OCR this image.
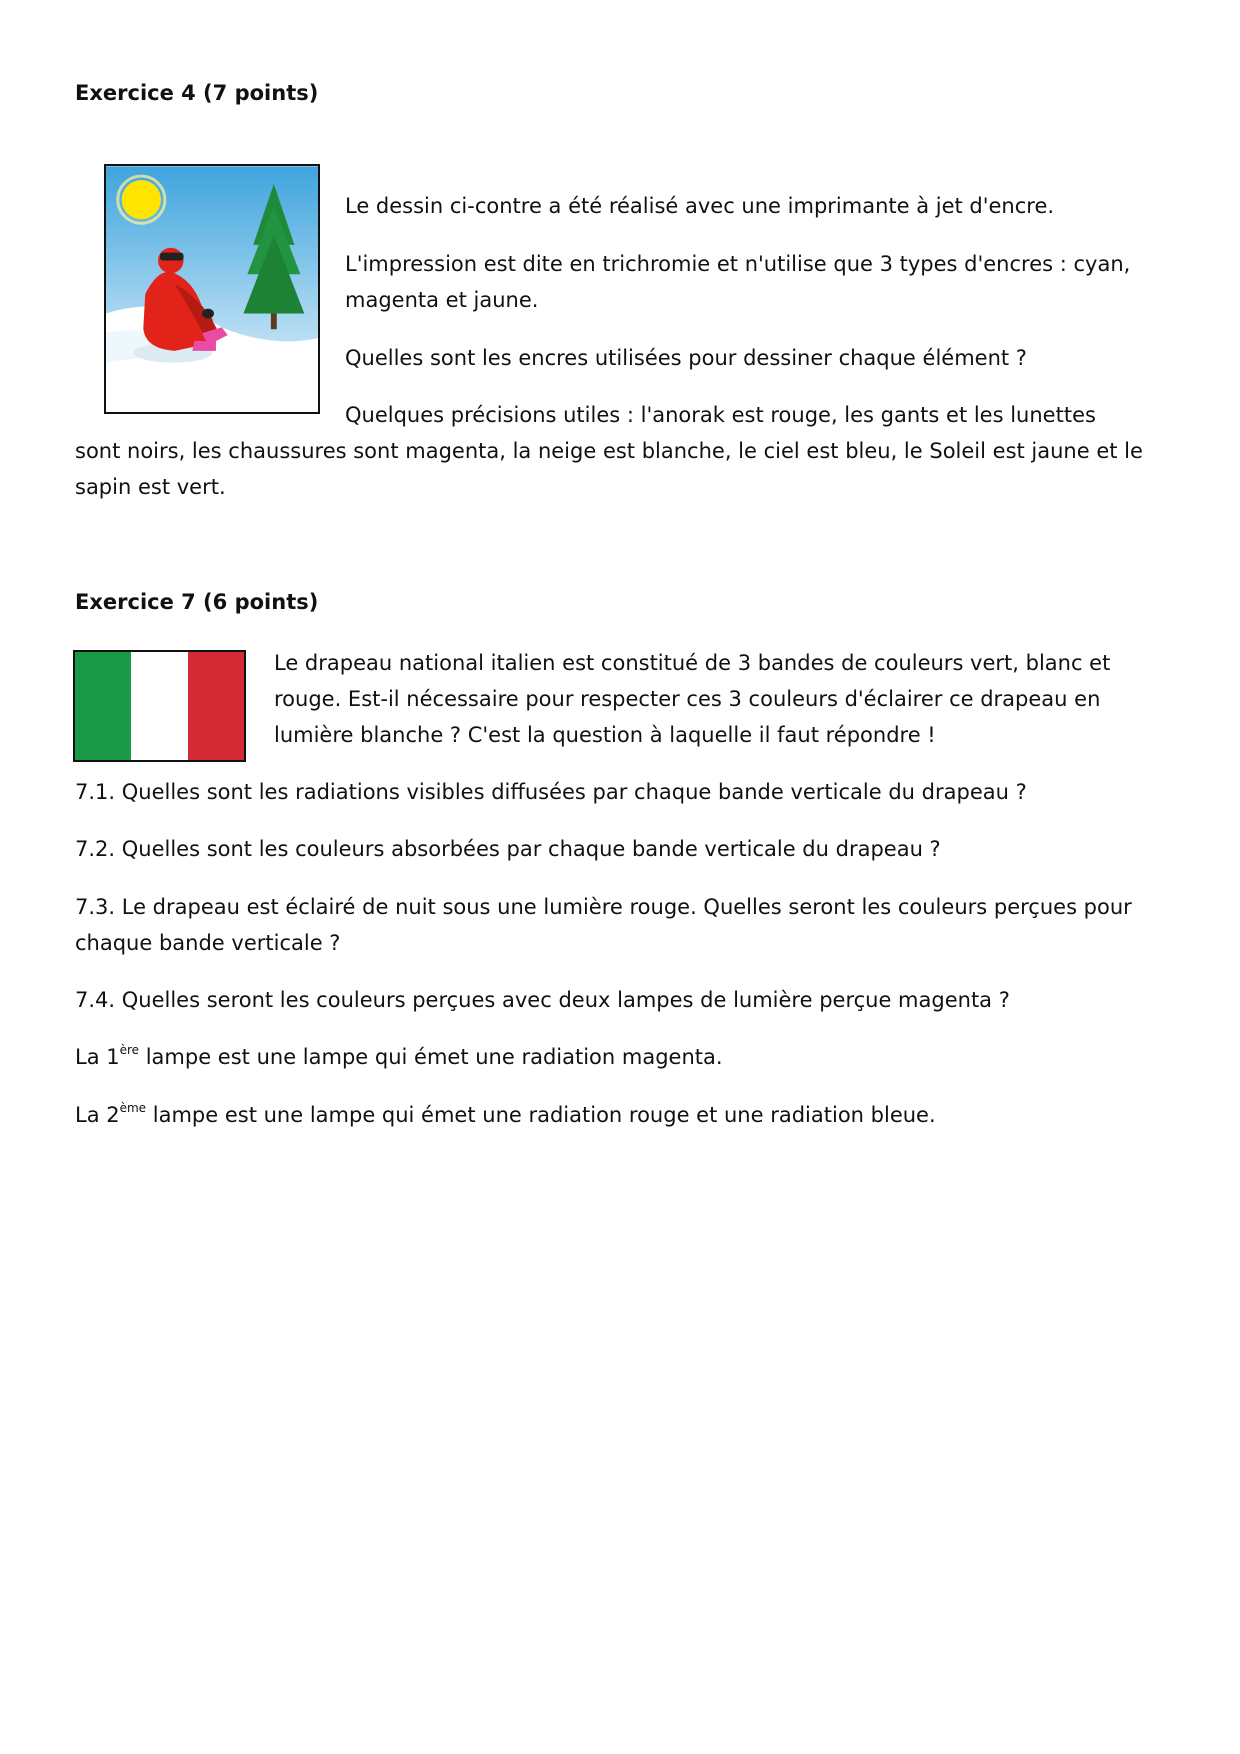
Exercice 4 (7 points)

Le dessin ci-contre a été réalisé avec une imprimante à jet d'encre.

L'impression est dite en trichromie et n'utilise que 3 types d'encres : cyan,

magenta et jaune.

Quelles sont les encres utilisées pour dessiner chaque élément ?

Quelques précisions utiles : l'anorak est rouge, les gants et les lunettes

sont noirs, les chaussures sont magenta, la neige est blanche, le ciel est bleu, le Soleil est jaune et le

sapin est vert.

Exercice 7 (6 points)

Le drapeau national italien est constitué de 3 bandes de couleurs vert, blanc et

rouge. Est-il nécessaire pour respecter ces 3 couleurs d'éclairer ce drapeau en

lumière blanche ? C'est la question à laquelle il faut répondre !

7.1. Quelles sont les radiations visibles diffusées par chaque bande verticale du drapeau ?

7.2. Quelles sont les couleurs absorbées par chaque bande verticale du drapeau ?

7.3. Le drapeau est éclairé de nuit sous une lumière rouge. Quelles seront les couleurs perçues pour

chaque bande verticale ?

7.4. Quelles seront les couleurs perçues avec deux lampes de lumière perçue magenta ?

La 1ère lampe est une lampe qui émet une radiation magenta.

La 2ème lampe est une lampe qui émet une radiation rouge et une radiation bleue.
